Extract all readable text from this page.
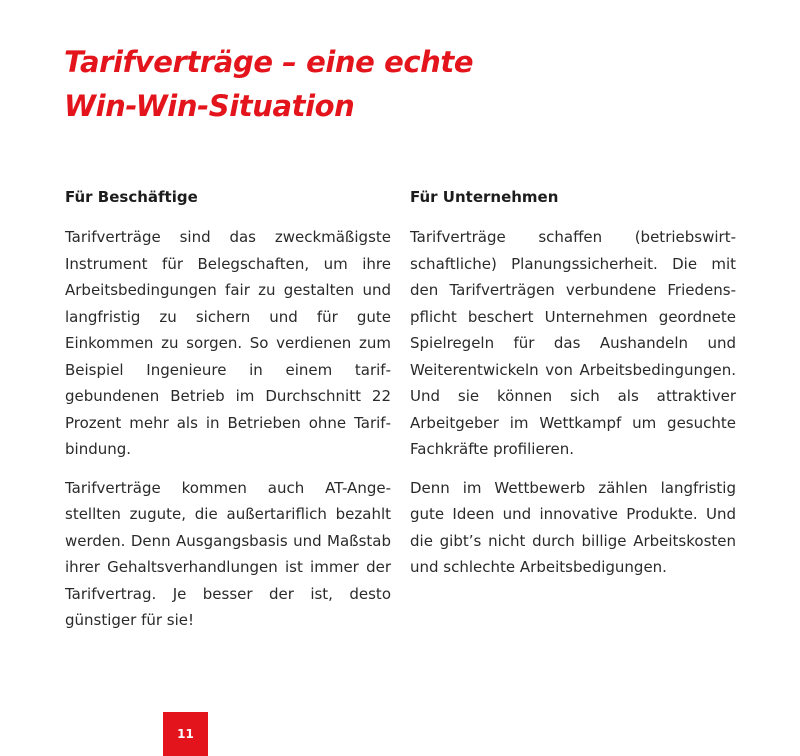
Tarifverträge – eine echte
Win-Win-Situation
Für Beschäftige

Tarifverträge sind das zweckmäßigste Instrument für Belegschaften, um ihre Arbeitsbedingungen fair zu gestalten und langfristig zu sichern und für gute Einkommen zu sorgen. So verdienen zum Beispiel Ingenieure in einem tarifgebundenen Betrieb im Durchschnitt 22 Prozent mehr als in Betrieben ohne Tarifbindung.

Tarifverträge kommen auch AT-Angestellten zugute, die außertariflich bezahlt werden. Denn Ausgangsbasis und Maßstab ihrer Gehaltsverhandlungen ist immer der Tarifvertrag. Je besser der ist, desto günstiger für sie!

Für Unternehmen

Tarifverträge schaffen (betriebswirtschaftliche) Planungssicherheit. Die mit den Tarifverträgen verbundene Friedenspflicht beschert Unternehmen geordnete Spielregeln für das Aushandeln und Weiterentwickeln von Arbeitsbedingungen. Und sie können sich als attraktiver Arbeitgeber im Wettkampf um gesuchte Fachkräfte profilieren.

Denn im Wettbewerb zählen langfristig gute Ideen und innovative Produkte. Und die gibt’s nicht durch billige Arbeitskosten und schlechte Arbeitsbedigungen.

11
